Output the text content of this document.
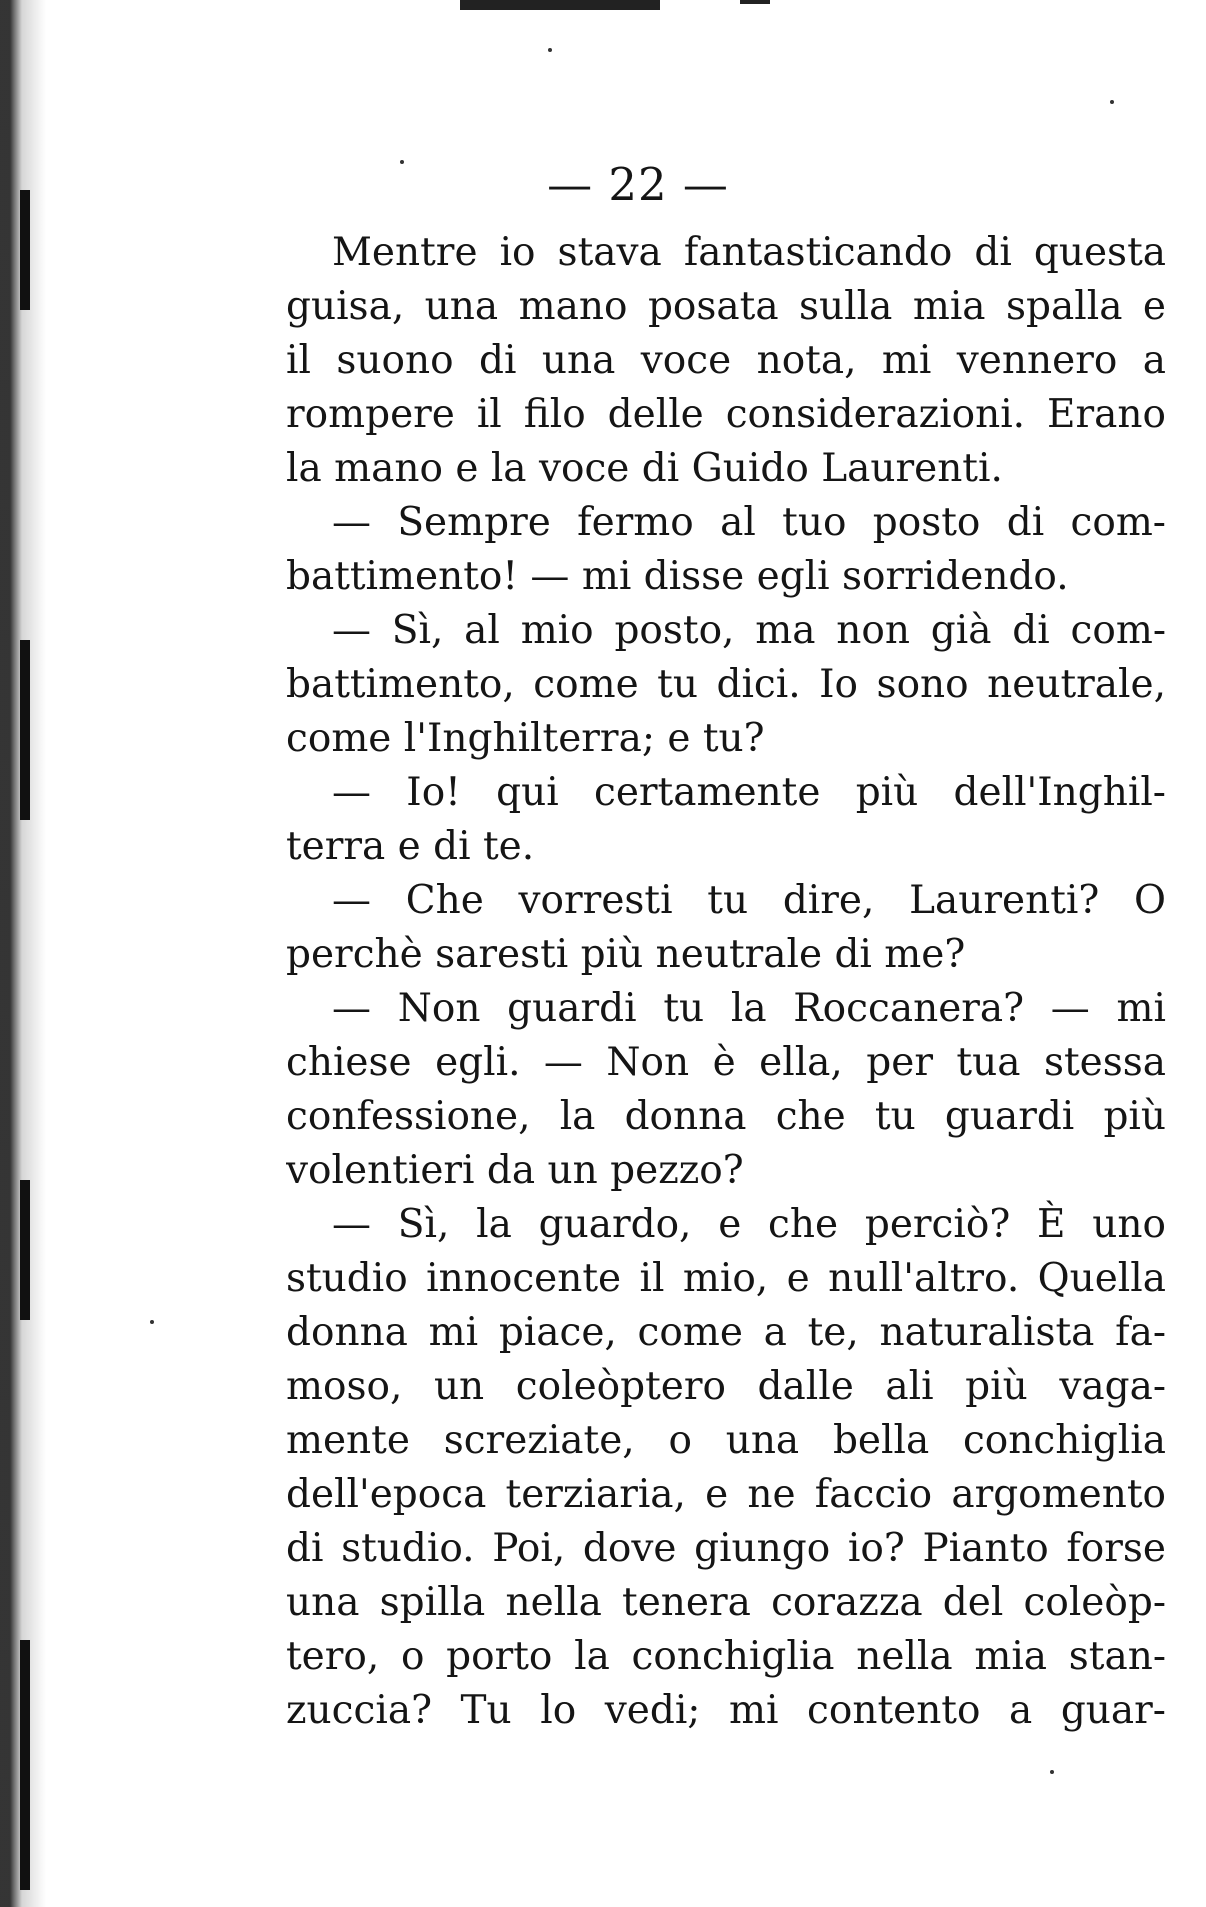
— 22 —
Mentre io stava fantasticando di questa
guisa, una mano posata sulla mia spalla e
il suono di una voce nota, mi vennero a
rompere il filo delle considerazioni. Erano
la mano e la voce di Guido Laurenti.
— Sempre fermo al tuo posto di com-
battimento! — mi disse egli sorridendo.
— Sì, al mio posto, ma non già di com-
battimento, come tu dici. Io sono neutrale,
come l'Inghilterra; e tu?
— Io! qui certamente più dell'Inghil-
terra e di te.
— Che vorresti tu dire, Laurenti? O
perchè saresti più neutrale di me?
— Non guardi tu la Roccanera? — mi
chiese egli. — Non è ella, per tua stessa
confessione, la donna che tu guardi più
volentieri da un pezzo?
— Sì, la guardo, e che perciò? È uno
studio innocente il mio, e null'altro. Quella
donna mi piace, come a te, naturalista fa-
moso, un coleòptero dalle ali più vaga-
mente screziate, o una bella conchiglia
dell'epoca terziaria, e ne faccio argomento
di studio. Poi, dove giungo io? Pianto forse
una spilla nella tenera corazza del coleòp-
tero, o porto la conchiglia nella mia stan-
zuccia? Tu lo vedi; mi contento a guar-
